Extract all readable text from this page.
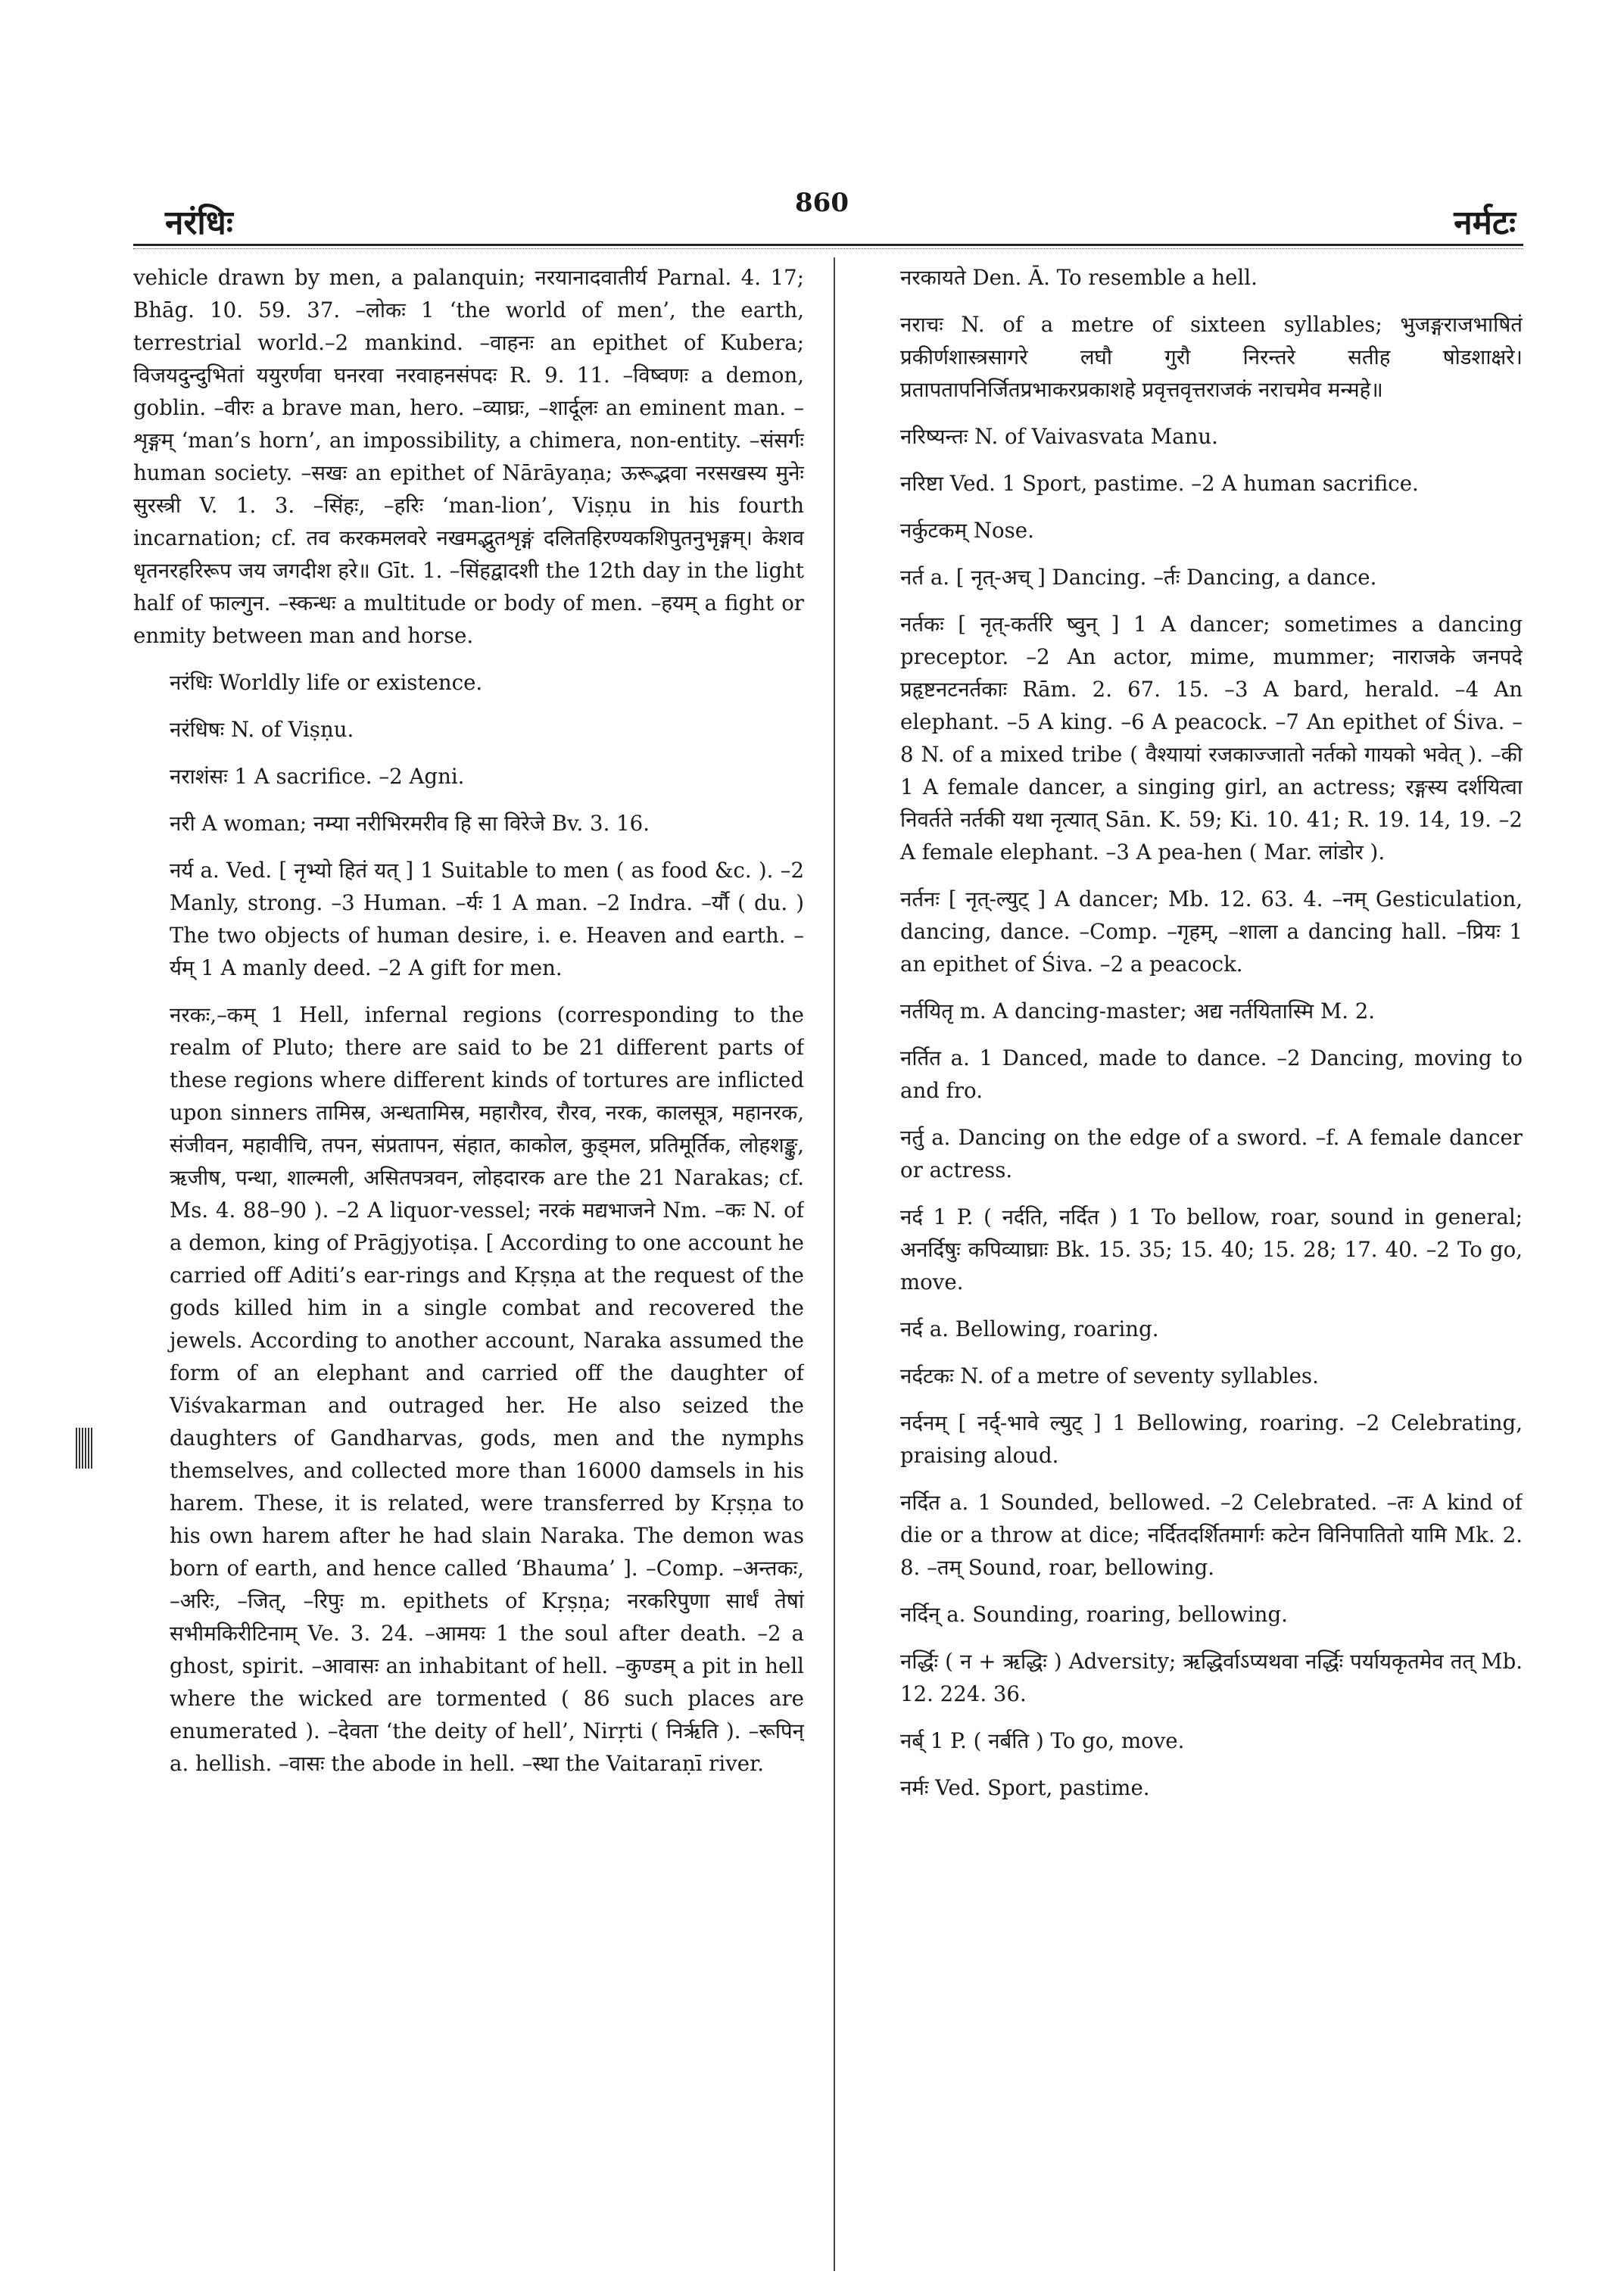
नरंधिः
860
नर्मटः

vehicle drawn by men, a palanquin; नरयानादवातीर्य Parnal. 4. 17; Bhāg. 10. 59. 37. –लोकः 1 ‘the world of men’, the earth, terrestrial world.–2 mankind. –वाहनः an epithet of Kubera; विजयदुन्दुभितां ययुरर्णवा घनरवा नरवाहनसंपदः R. 9. 11. –विष्वणः a demon, goblin. –वीरः a brave man, hero. –व्याघ्रः, –शार्दूलः an eminent man. –शृङ्गम् ‘man’s horn’, an impossibility, a chimera, non-entity. –संसर्गः human society. –सखः an epithet of Nārāyaṇa; ऊरूद्भवा नरसखस्य मुनेः सुरस्त्री V. 1. 3. –सिंहः, –हरिः ‘man-lion’, Viṣṇu in his fourth incarnation; cf. तव करकमलवरे नखमद्भुतशृङ्गं दलितहिरण्यकशिपुतनुभृङ्गम्। केशव धृतनरहरिरूप जय जगदीश हरे॥ Gīt. 1. –सिंहद्वादशी the 12th day in the light half of फाल्गुन. –स्कन्धः a multitude or body of men. –हयम् a fight or enmity between man and horse.

नरंधिः Worldly life or existence.

नरंधिषः N. of Viṣṇu.

नराशंसः 1 A sacrifice. –2 Agni.

नरी A woman; नम्या नरीभिरमरीव हि सा विरेजे Bv. 3. 16.

नर्य a. Ved. [ नृभ्यो हितं यत् ] 1 Suitable to men ( as food &c. ). –2 Manly, strong. –3 Human. –र्यः 1 A man. –2 Indra. –र्यौ ( du. ) The two objects of human desire, i. e. Heaven and earth. –र्यम् 1 A manly deed. –2 A gift for men.

नरकः,–कम् 1 Hell, infernal regions (corresponding to the realm of Pluto; there are said to be 21 different parts of these regions where different kinds of tortures are inflicted upon sinners तामिस्र, अन्धतामिस्र, महारौरव, रौरव, नरक, कालसूत्र, महानरक, संजीवन, महावीचि, तपन, संप्रतापन, संहात, काकोल, कुड्मल, प्रतिमूर्तिक, लोहशङ्कु, ऋजीष, पन्था, शाल्मली, असितपत्रवन, लोहदारक are the 21 Narakas; cf. Ms. 4. 88–90 ). –2 A liquor-vessel; नरकं मद्यभाजने Nm. –कः N. of a demon, king of Prāgjyotiṣa. [ According to one account he carried off Aditi’s ear-rings and Kṛṣṇa at the request of the gods killed him in a single combat and recovered the jewels. According to another account, Naraka assumed the form of an elephant and carried off the daughter of Viśvakarman and outraged her. He also seized the daughters of Gandharvas, gods, men and the nymphs themselves, and collected more than 16000 damsels in his harem. These, it is related, were transferred by Kṛṣṇa to his own harem after he had slain Naraka. The demon was born of earth, and hence called ‘Bhauma’ ]. –Comp. –अन्तकः, –अरिः, –जित्, –रिपुः m. epithets of Kṛṣṇa; नरकरिपुणा सार्धं तेषां सभीमकिरीटिनाम् Ve. 3. 24. –आमयः 1 the soul after death. –2 a ghost, spirit. –आवासः an inhabitant of hell. –कुण्डम् a pit in hell where the wicked are tormented ( 86 such places are enumerated ). –देवता ‘the deity of hell’, Nirṛti ( निर्ऋति ). –रूपिन् a. hellish. –वासः the abode in hell. –स्था the Vaitaraṇī river.

नरकायते Den. Ā. To resemble a hell.

नराचः N. of a metre of sixteen syllables; भुजङ्गराजभाषितं प्रकीर्णशास्त्रसागरे लघौ गुरौ निरन्तरे सतीह षोडशाक्षरे। प्रतापतापनिर्जितप्रभाकरप्रकाशहे प्रवृत्तवृत्तराजकं नराचमेव मन्महे॥

नरिष्यन्तः N. of Vaivasvata Manu.

नरिष्टा Ved. 1 Sport, pastime. –2 A human sacrifice.

नर्कुटकम् Nose.

नर्त a. [ नृत्-अच् ] Dancing. –र्तः Dancing, a dance.

नर्तकः [ नृत्-कर्तरि ष्वुन् ] 1 A dancer; sometimes a dancing preceptor. –2 An actor, mime, mummer; नाराजके जनपदे प्रहृष्टनटनर्तकाः Rām. 2. 67. 15. –3 A bard, herald. –4 An elephant. –5 A king. –6 A peacock. –7 An epithet of Śiva. –8 N. of a mixed tribe ( वैश्यायां रजकाज्जातो नर्तको गायको भवेत् ). –की 1 A female dancer, a singing girl, an actress; रङ्गस्य दर्शयित्वा निवर्तते नर्तकी यथा नृत्यात् Sān. K. 59; Ki. 10. 41; R. 19. 14, 19. –2 A female elephant. –3 A pea-hen ( Mar. लांडोर ).

नर्तनः [ नृत्-ल्युट् ] A dancer; Mb. 12. 63. 4. –नम् Gesticulation, dancing, dance. –Comp. –गृहम्, –शाला a dancing hall. –प्रियः 1 an epithet of Śiva. –2 a peacock.

नर्तयितृ m. A dancing-master; अद्य नर्तयितास्मि M. 2.

नर्तित a. 1 Danced, made to dance. –2 Dancing, moving to and fro.

नर्तु a. Dancing on the edge of a sword. –f. A female dancer or actress.

नर्द 1 P. ( नर्दति, नर्दित ) 1 To bellow, roar, sound in general; अनर्दिषुः कपिव्याघ्राः Bk. 15. 35; 15. 40; 15. 28; 17. 40. –2 To go, move.

नर्द a. Bellowing, roaring.

नर्दटकः N. of a metre of seventy syllables.

नर्दनम् [ नर्द्-भावे ल्युट् ] 1 Bellowing, roaring. –2 Celebrating, praising aloud.

नर्दित a. 1 Sounded, bellowed. –2 Celebrated. –तः A kind of die or a throw at dice; नर्दितदर्शितमार्गः कटेन विनिपातितो यामि Mk. 2. 8. –तम् Sound, roar, bellowing.

नर्दिन् a. Sounding, roaring, bellowing.

नर्द्धिः ( न + ऋद्धिः ) Adversity; ऋद्धिर्वाऽप्यथवा नर्द्धिः पर्यायकृतमेव तत् Mb. 12. 224. 36.

नर्ब् 1 P. ( नर्बति ) To go, move.

नर्मः Ved. Sport, pastime.
